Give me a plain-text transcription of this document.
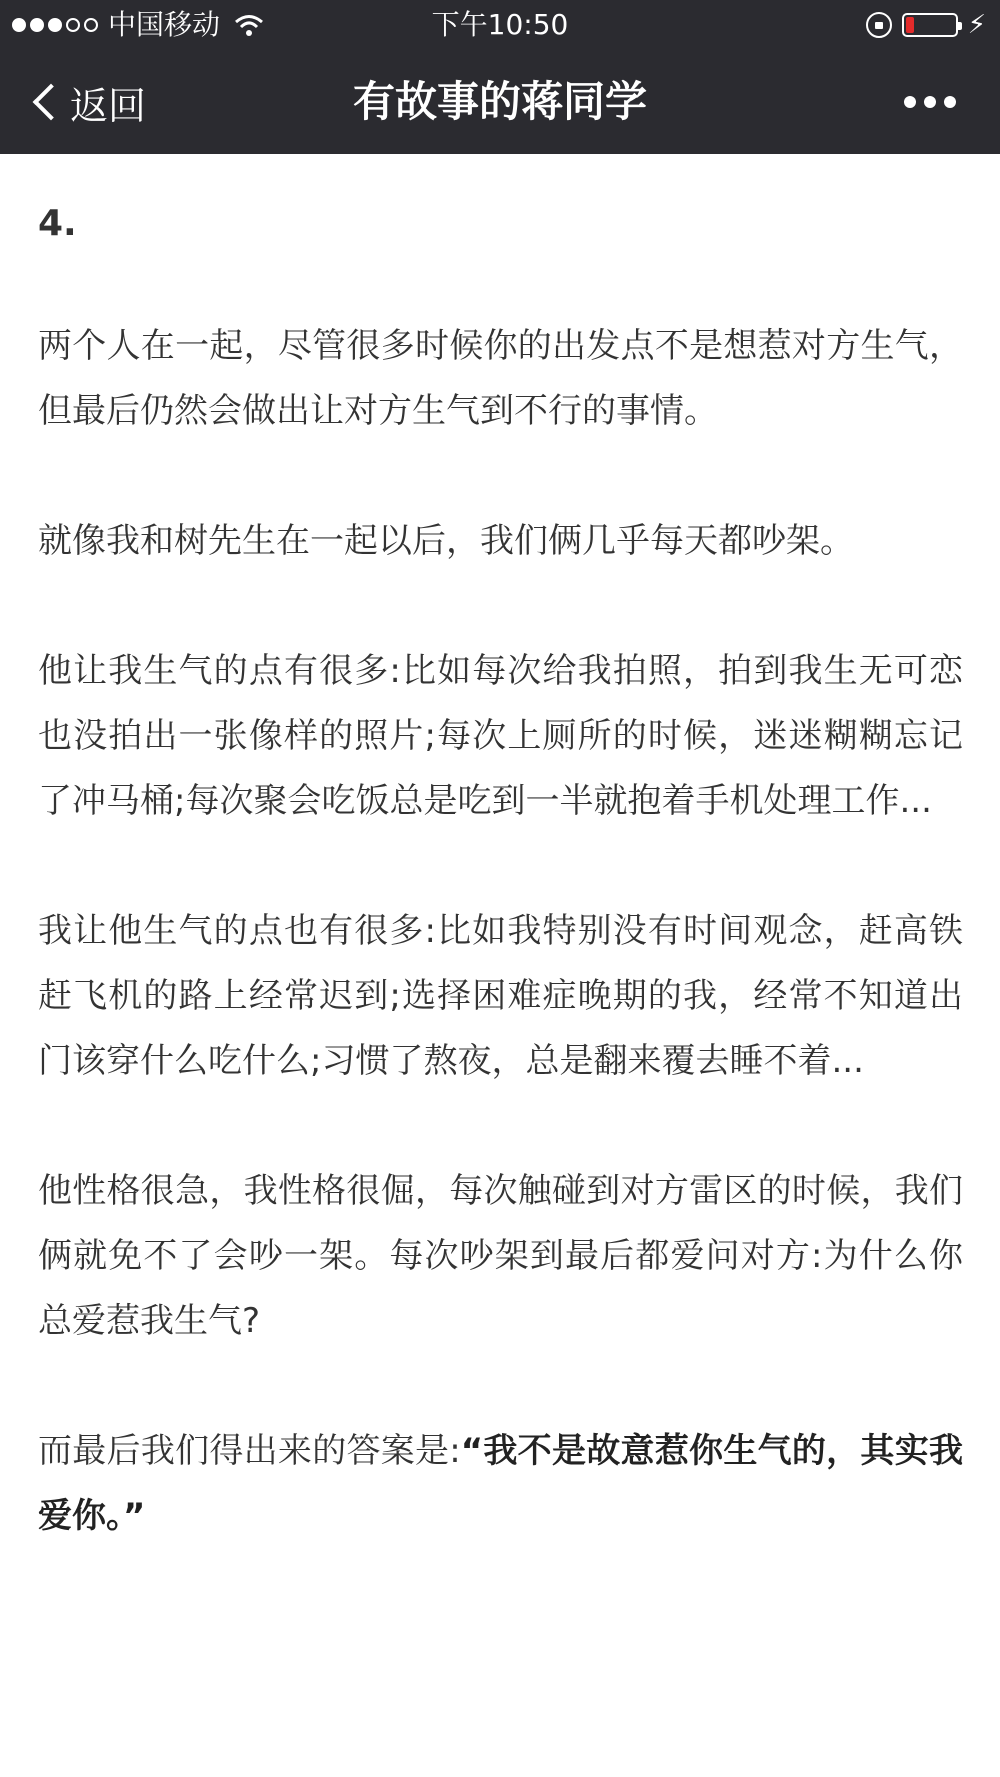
中国移动	下午10:50	⚡
返回	有故事的蒋同学
4.

两个人在一起，尽管很多时候你的出发点不是想惹对方生气，但最后仍然会做出让对方生气到不行的事情。

就像我和树先生在一起以后，我们俩几乎每天都吵架。

他让我生气的点有很多:比如每次给我拍照，拍到我生无可恋也没拍出一张像样的照片;每次上厕所的时候，迷迷糊糊忘记了冲马桶;每次聚会吃饭总是吃到一半就抱着手机处理工作...

我让他生气的点也有很多:比如我特别没有时间观念，赶高铁赶飞机的路上经常迟到;选择困难症晚期的我，经常不知道出门该穿什么吃什么;习惯了熬夜，总是翻来覆去睡不着...

他性格很急，我性格很倔，每次触碰到对方雷区的时候，我们俩就免不了会吵一架。每次吵架到最后都爱问对方:为什么你总爱惹我生气?

而最后我们得出来的答案是:“我不是故意惹你生气的，其实我爱你。”
